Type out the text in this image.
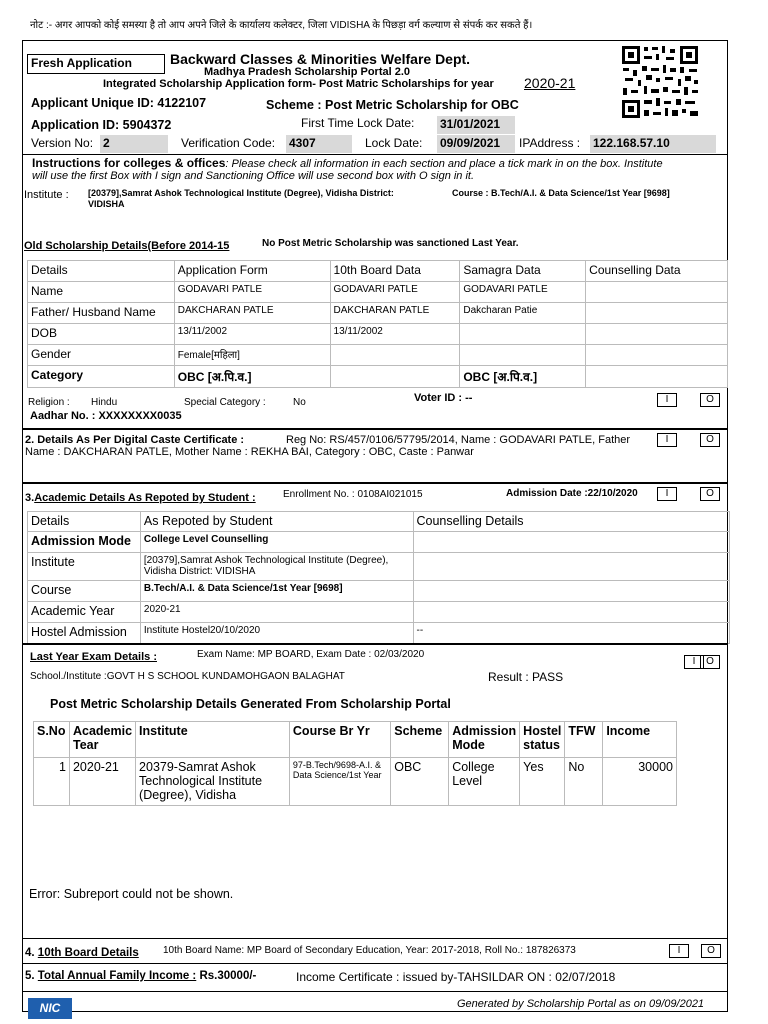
नोट :- अगर आपको कोई समस्या है तो आप अपने जिले के कार्यालय कलेक्टर, जिला VIDISHA के पिछड़ा वर्ग कल्याण से संपर्क कर सकते हैं।
Fresh Application	Backward Classes & Minorities Welfare Dept.
Madhya Pradesh Scholarship Portal 2.0
Integrated Scholarship Application form- Post Matric Scholarships for year 2020-21
Applicant Unique ID: 4122107	Scheme : Post Metric Scholarship for OBC
Application ID: 5904372	First Time Lock Date: 31/01/2021
Version No: 2	Verification Code: 4307	Lock Date: 09/09/2021	IPAddress : 122.168.57.10
Instructions for colleges & offices: Please check all information in each section and place a tick mark in on the box. Institute
will use the first Box with I sign and Sanctioning Office will use second box with O sign in it.
Institute : [20379],Samrat Ashok Technological Institute (Degree), Vidisha District:
VIDISHA
Course : B.Tech/A.I. & Data Science/1st Year [9698]
Old Scholarship Details(Before 2014-15	No Post Metric Scholarship was sanctioned Last Year.
Details	Application Form	10th Board Data	Samagra Data	Counselling Data
Name	GODAVARI PATLE	GODAVARI PATLE	GODAVARI PATLE	
Father/ Husband Name	DAKCHARAN PATLE	DAKCHARAN PATLE	Dakcharan Patie	
DOB	13/11/2002	13/11/2002		
Gender	Female[महिला]			
Category	OBC [अ.पि.व.]		OBC [अ.पि.व.]	
Religion : Hindu	Special Category :	No	Voter ID : --
Aadhar No. : XXXXXXXX0035
I	O
2. Details As Per Digital Caste Certificate :	Reg No: RS/457/0106/57795/2014, Name : GODAVARI PATLE, Father
Name : DAKCHARAN PATLE, Mother Name : REKHA BAI, Category : OBC, Caste : Panwar
I	O
3.Academic Details As Repoted by Student :	Enrollment No. : 0108AI021015	Admission Date :22/10/2020	I	O
Details	As Repoted by Student	Counselling Details
Admission Mode	College Level Counselling	
Institute	[20379],Samrat Ashok Technological Institute (Degree), Vidisha District: VIDISHA	
Course	B.Tech/A.I. & Data Science/1st Year [9698]	
Academic Year	2020-21	
Hostel Admission	Institute Hostel20/10/2020	--
Last Year Exam Details :	Exam Name: MP BOARD, Exam Date : 02/03/2020
School./Institute :GOVT H S SCHOOL KUNDAMOHGAON BALAGHAT	Result : PASS
I	O
Post Metric Scholarship Details Generated From Scholarship Portal
S.No	Academic Tear	Institute	Course Br Yr	Scheme	Admission Mode	Hostel status	TFW	Income
1	2020-21	20379-Samrat Ashok Technological Institute (Degree), Vidisha	97-B.Tech/9698-A.I. & Data Science/1st Year	OBC	College Level	Yes	No	30000
Error: Subreport could not be shown.
4. 10th Board Details 10th Board Name: MP Board of Secondary Education, Year: 2017-2018, Roll No.: 187826373	I	O
5. Total Annual Family Income : Rs.30000/-	Income Certificate : issued by-TAHSILDAR ON : 02/07/2018
NIC	Generated by Scholarship Portal as on 09/09/2021
